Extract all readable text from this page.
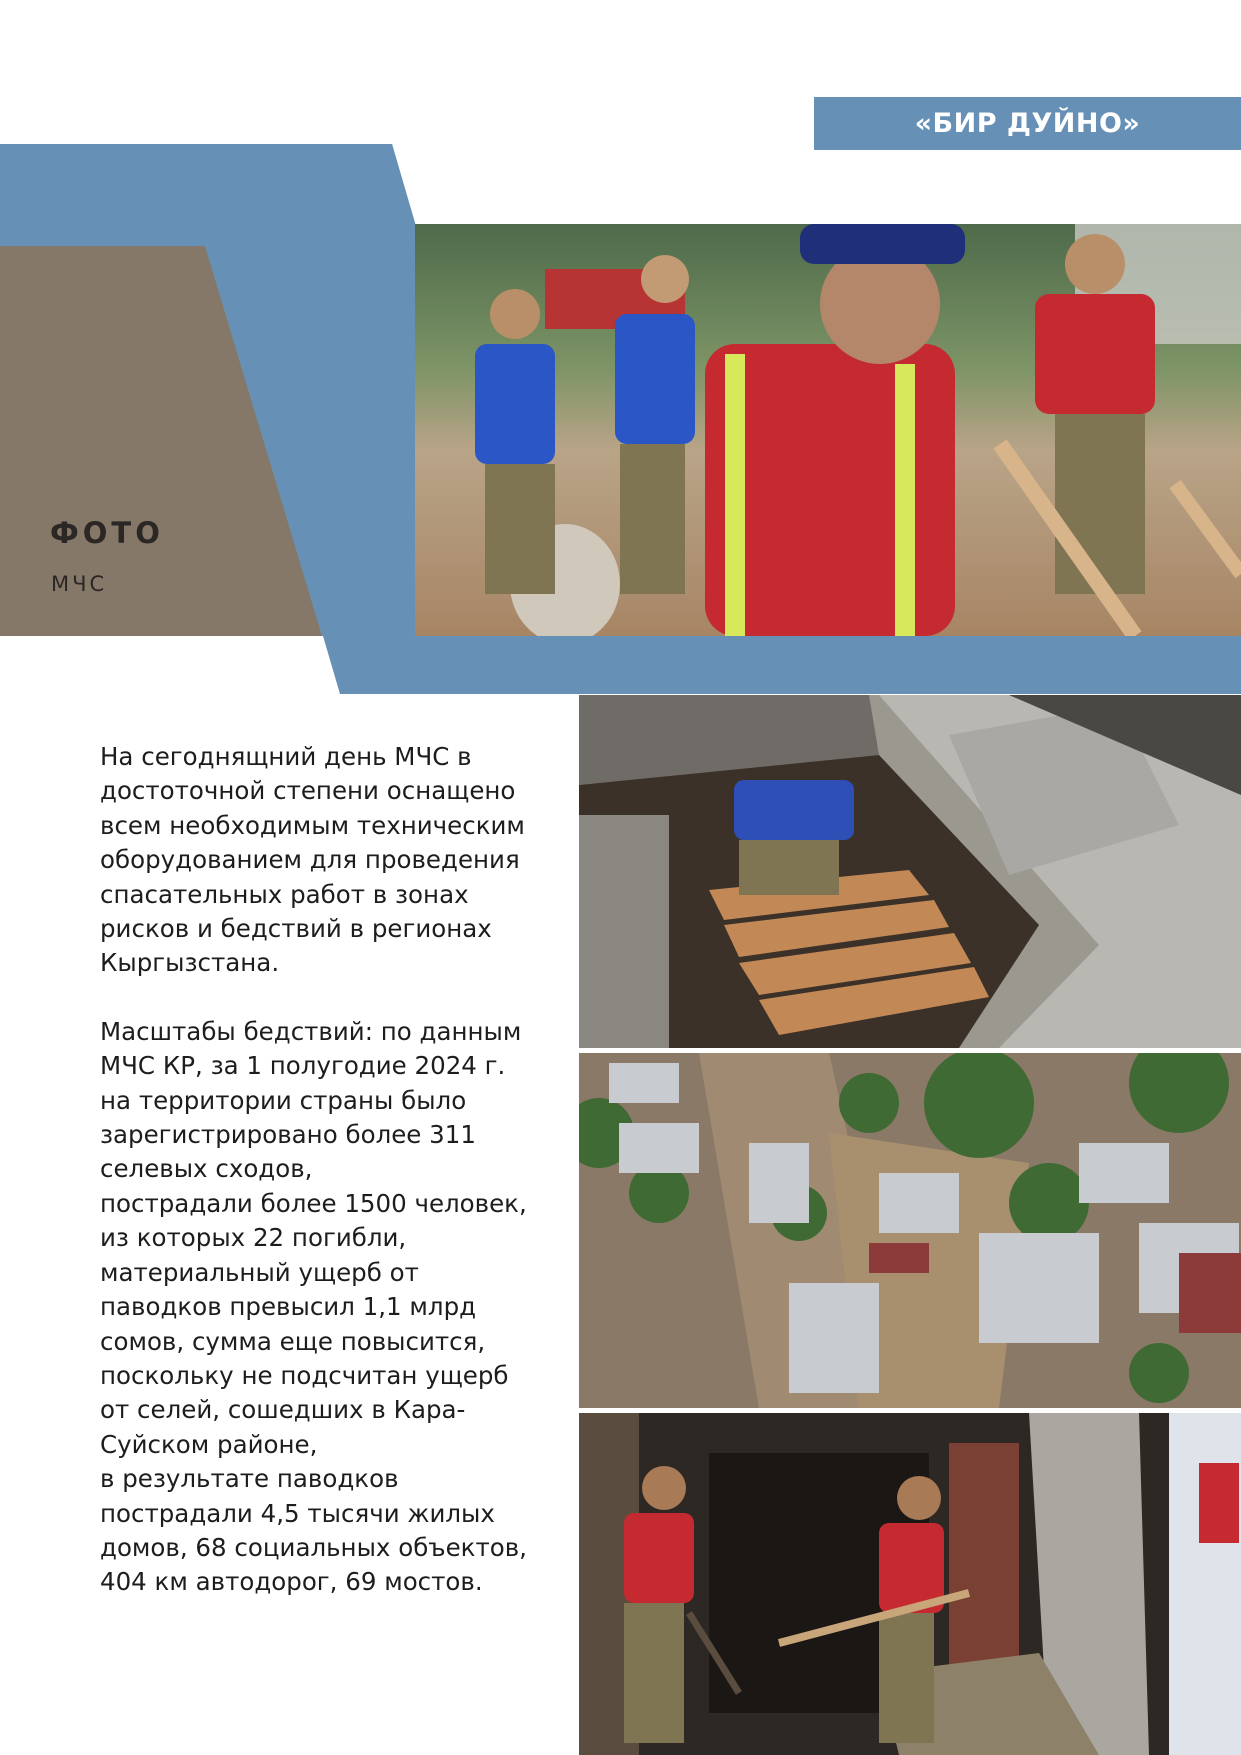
«БИР ДУЙНО»
ФОТО
МЧС

На сегоднящний день МЧС в
достоточной степени оснащено
всем необходимым техническим
оборудованием для проведения
спасательных работ в зонах
рисков и бедствий в регионах
Кыргызстана.

Масштабы бедствий: по данным
МЧС КР, за 1 полугодие 2024 г.
на территории страны было
зарегистрировано более 311
селевых сходов,
пострадали более 1500 человек,
из которых 22 погибли,
материальный ущерб от
паводков превысил 1,1 млрд
сомов, сумма еще повысится,
поскольку не подсчитан ущерб
от селей, сошедших в Кара-
Суйском районе,
в результате паводков
пострадали 4,5 тысячи жилых
домов, 68 социальных объектов,
404 км автодорог, 69 мостов.
